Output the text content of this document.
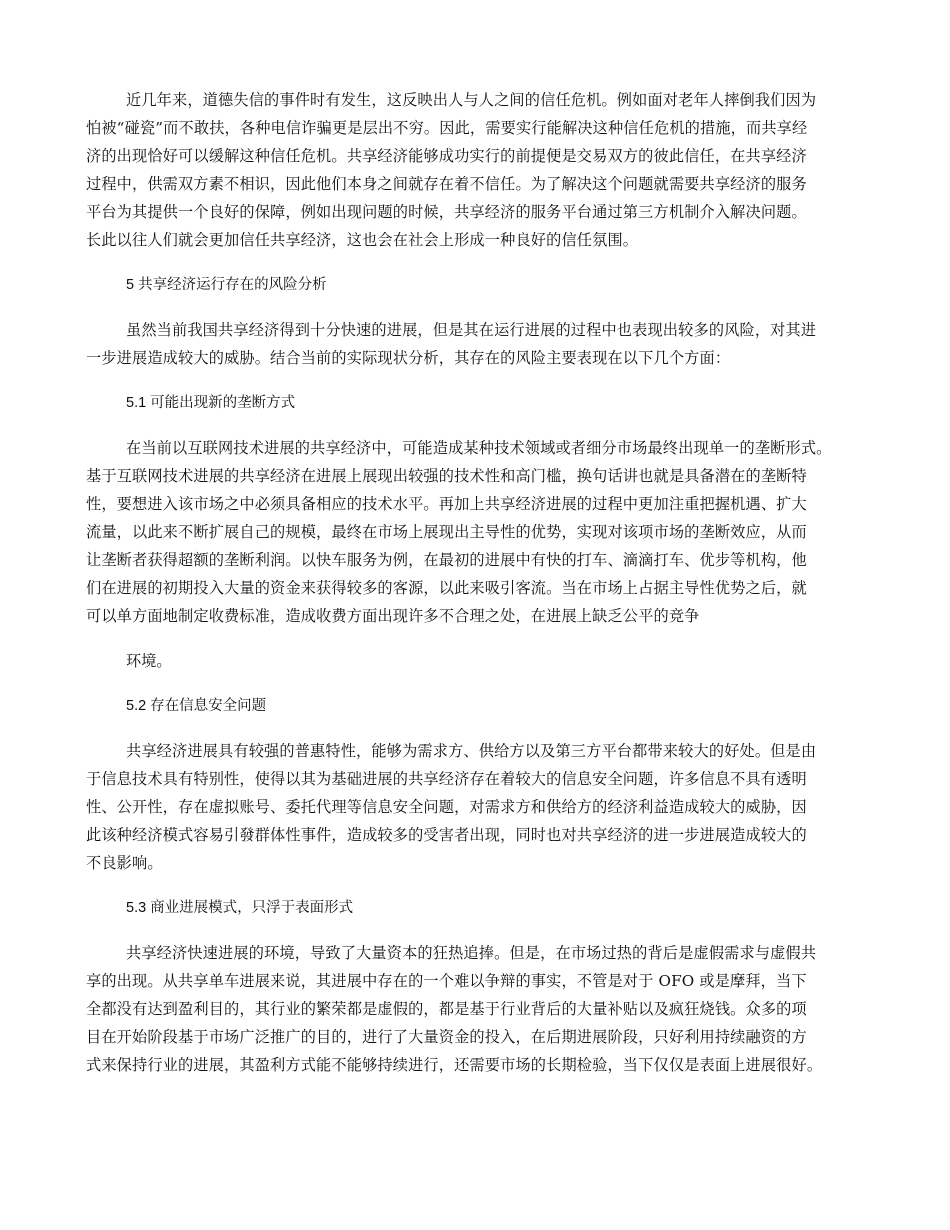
近几年来，道德失信的事件时有发生，这反映出人与人之间的信任危机。例如面对老年人摔倒我们因为
怕被“碰瓷”而不敢扶，各种电信诈骗更是层出不穷。因此，需要实行能解决这种信任危机的措施，而共享经
济的出现恰好可以缓解这种信任危机。共享经济能够成功实行的前提便是交易双方的彼此信任，在共享经济
过程中，供需双方素不相识，因此他们本身之间就存在着不信任。为了解决这个问题就需要共享经济的服务
平台为其提供一个良好的保障，例如出现问题的时候，共享经济的服务平台通过第三方机制介入解决问题。
长此以往人们就会更加信任共享经济，这也会在社会上形成一种良好的信任氛围。
5 共享经济运行存在的风险分析
虽然当前我国共享经济得到十分快速的进展，但是其在运行进展的过程中也表现出较多的风险，对其进
一步进展造成较大的威胁。结合当前的实际现状分析，其存在的风险主要表现在以下几个方面：
5.1 可能出现新的垄断方式
在当前以互联网技术进展的共享经济中，可能造成某种技术领域或者细分市场最终出现单一的垄断形式。
基于互联网技术进展的共享经济在进展上展现出较强的技术性和高门槛，换句话讲也就是具备潜在的垄断特
性，要想进入该市场之中必须具备相应的技术水平。再加上共享经济进展的过程中更加注重把握机遇、扩大
流量，以此来不断扩展自己的规模，最终在市场上展现出主导性的优势，实现对该项市场的垄断效应，从而
让垄断者获得超额的垄断利润。以快车服务为例，在最初的进展中有快的打车、滴滴打车、优步等机构，他
们在进展的初期投入大量的资金来获得较多的客源，以此来吸引客流。当在市场上占据主导性优势之后，就
可以单方面地制定收费标准，造成收费方面出现许多不合理之处，在进展上缺乏公平的竞争
环境。
5.2 存在信息安全问题
共享经济进展具有较强的普惠特性，能够为需求方、供给方以及第三方平台都带来较大的好处。但是由
于信息技术具有特别性，使得以其为基础进展的共享经济存在着较大的信息安全问题，许多信息不具有透明
性、公开性，存在虚拟账号、委托代理等信息安全问题，对需求方和供给方的经济利益造成较大的威胁，因
此该种经济模式容易引發群体性事件，造成较多的受害者出现，同时也对共享经济的进一步进展造成较大的
不良影响。
5.3 商业进展模式，只浮于表面形式
共享经济快速进展的环境，导致了大量资本的狂热追捧。但是，在市场过热的背后是虚假需求与虚假共
享的出现。从共享单车进展来说，其进展中存在的一个难以争辩的事实，不管是对于 OFO 或是摩拜，当下
全都没有达到盈利目的，其行业的繁荣都是虚假的，都是基于行业背后的大量补贴以及疯狂烧钱。众多的项
目在开始阶段基于市场广泛推广的目的，进行了大量资金的投入，在后期进展阶段，只好利用持续融资的方
式来保持行业的进展，其盈利方式能不能够持续进行，还需要市场的长期检验，当下仅仅是表面上进展很好。
